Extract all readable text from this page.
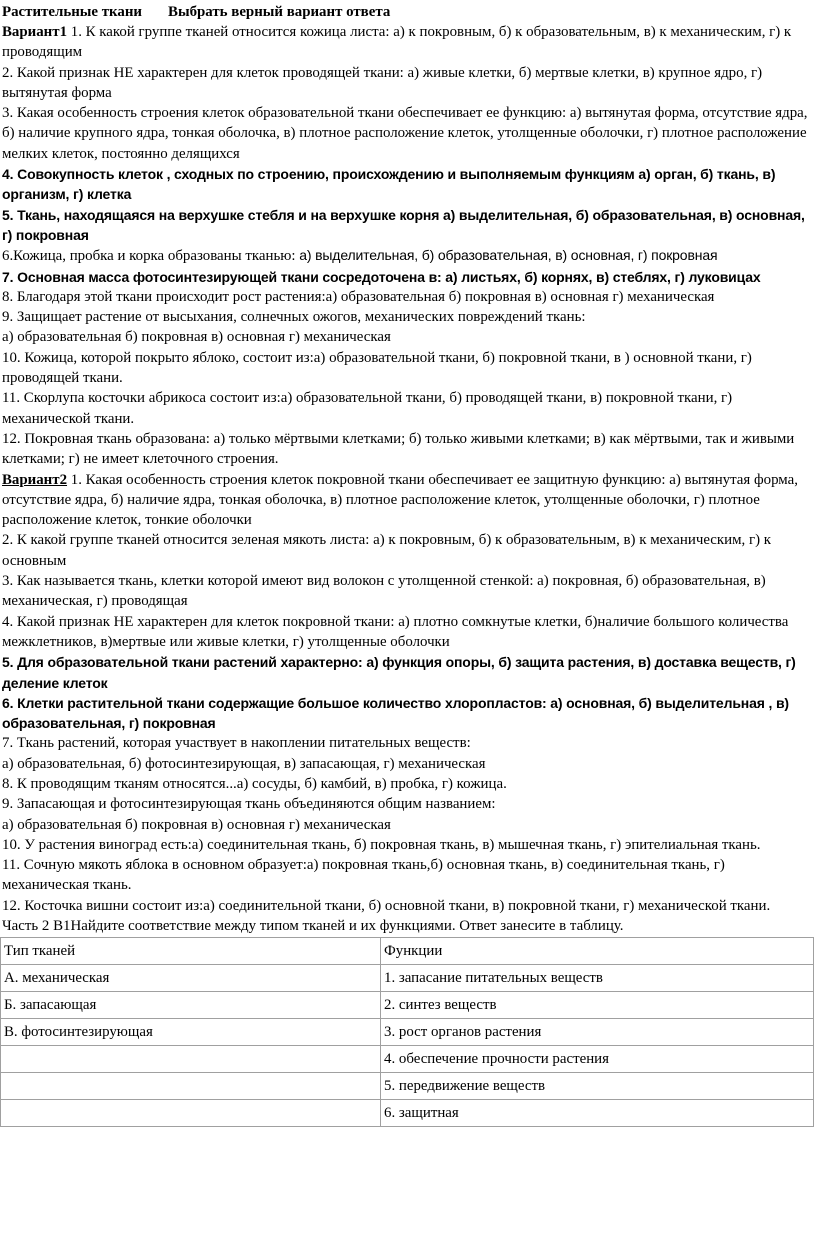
Растительные ткани Выбрать верный вариант ответа
Вариант1 1. К какой группе тканей относится кожица листа: а) к покровным, б) к образовательным, в) к механическим, г) к проводящим
2. Какой признак НЕ характерен для клеток проводящей ткани: а) живые клетки, б) мертвые клетки, в) крупное ядро, г) вытянутая форма
3. Какая особенность строения клеток образовательной ткани обеспечивает ее функцию: а) вытянутая форма, отсутствие ядра, б) наличие крупного ядра, тонкая оболочка, в) плотное расположение клеток, утолщенные оболочки, г) плотное расположение мелких клеток, постоянно делящихся
4. Совокупность клеток , сходных по строению, происхождению и выполняемым функциям а) орган, б) ткань, в) организм, г) клетка
5. Ткань, находящаяся на верхушке стебля и на верхушке корня а) выделительная, б) образовательная, в) основная, г) покровная
6.Кожица, пробка и корка образованы тканью: а) выделительная, б) образовательная, в) основная, г) покровная
7. Основная масса фотосинтезирующей ткани сосредоточена в: а) листьях, б) корнях, в) стеблях, г) луковицах
8. Благодаря этой ткани происходит рост растения:а) образовательная б) покровная в) основная г) механическая
9. Защищает растение от высыхания, солнечных ожогов, механических повреждений ткань:
а) образовательная б) покровная в) основная г) механическая
10. Кожица, которой покрыто яблоко, состоит из:а) образовательной ткани, б) покровной ткани, в ) основной ткани, г) проводящей ткани.
11. Скорлупа косточки абрикоса состоит из:а) образовательной ткани, б) проводящей ткани, в) покровной ткани, г) механической ткани.
12. Покровная ткань образована: а) только мёртвыми клетками; б) только живыми клетками; в) как мёртвыми, так и живыми клетками; г) не имеет клеточного строения.
Вариант2 1. Какая особенность строения клеток покровной ткани обеспечивает ее защитную функцию: а) вытянутая форма, отсутствие ядра, б) наличие ядра, тонкая оболочка, в) плотное расположение клеток, утолщенные оболочки, г) плотное расположение клеток, тонкие оболочки
2. К какой группе тканей относится зеленая мякоть листа: а) к покровным, б) к образовательным, в) к механическим, г) к основным
3. Как называется ткань, клетки которой имеют вид волокон с утолщенной стенкой: а) покровная, б) образовательная, в) механическая, г) проводящая
4. Какой признак НЕ характерен для клеток покровной ткани: а) плотно сомкнутые клетки, б)наличие большого количества межклетников, в)мертвые или живые клетки, г) утолщенные оболочки
5. Для образовательной ткани растений характерно: а) функция опоры, б) защита растения, в) доставка веществ, г) деление клеток
6. Клетки растительной ткани содержащие большое количество хлоропластов: а) основная, б) выделительная , в) образовательная, г) покровная
7. Ткань растений, которая участвует в накоплении питательных веществ:
а) образовательная, б) фотосинтезирующая, в) запасающая, г) механическая
8. К проводящим тканям относятся...а) сосуды, б) камбий, в) пробка, г) кожица.
9. Запасающая и фотосинтезирующая ткань объединяются общим названием:
а) образовательная б) покровная в) основная г) механическая
10. У растения виноград есть:а) соединительная ткань, б) покровная ткань, в) мышечная ткань, г) эпителиальная ткань.
11. Сочную мякоть яблока в основном образует:а) покровная ткань,б) основная ткань, в) соединительная ткань, г) механическая ткань.
12. Косточка вишни состоит из:а) соединительной ткани, б) основной ткани, в) покровной ткани, г) механической ткани.
Часть 2 В1Найдите соответствие между типом тканей и их функциями. Ответ занесите в таблицу.
Тип тканей	Функции
А. механическая	1. запасание питательных веществ
Б. запасающая	2. синтез веществ
В. фотосинтезирующая	3. рост органов растения
	4. обеспечение прочности растения
	5. передвижение веществ
	6. защитная
